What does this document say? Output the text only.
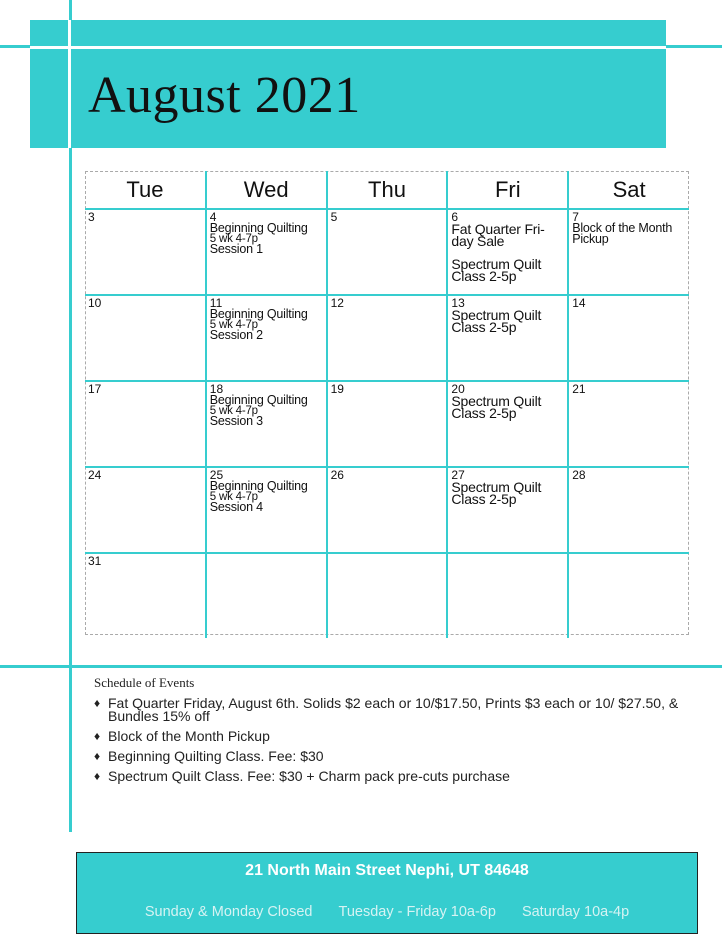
August 2021
Tue	Wed	Thu	Fri	Sat

3	4
Beginning Quilting
5 wk 4-7p
Session 1	5	6
Fat Quarter Fri-
day Sale
Spectrum Quilt
Class 2-5p	7
Block of the Month
Pickup

10	11
Beginning Quilting
5 wk 4-7p
Session 2	12	13
Spectrum Quilt
Class 2-5p	14

17	18
Beginning Quilting
5 wk 4-7p
Session 3	19	20
Spectrum Quilt
Class 2-5p	21

24	25
Beginning Quilting
5 wk 4-7p
Session 4	26	27
Spectrum Quilt
Class 2-5p	28

31				

Schedule of Events
♦ Fat Quarter Friday, August 6th. Solids $2 each or 10/$17.50, Prints $3 each or 10/ $27.50, & Bundles 15% off
♦ Block of the Month Pickup
♦ Beginning Quilting Class. Fee: $30
♦ Spectrum Quilt Class. Fee: $30 + Charm pack pre-cuts purchase
21 North Main Street Nephi, UT 84648
Sunday & Monday Closed Tuesday - Friday 10a-6p Saturday 10a-4p
